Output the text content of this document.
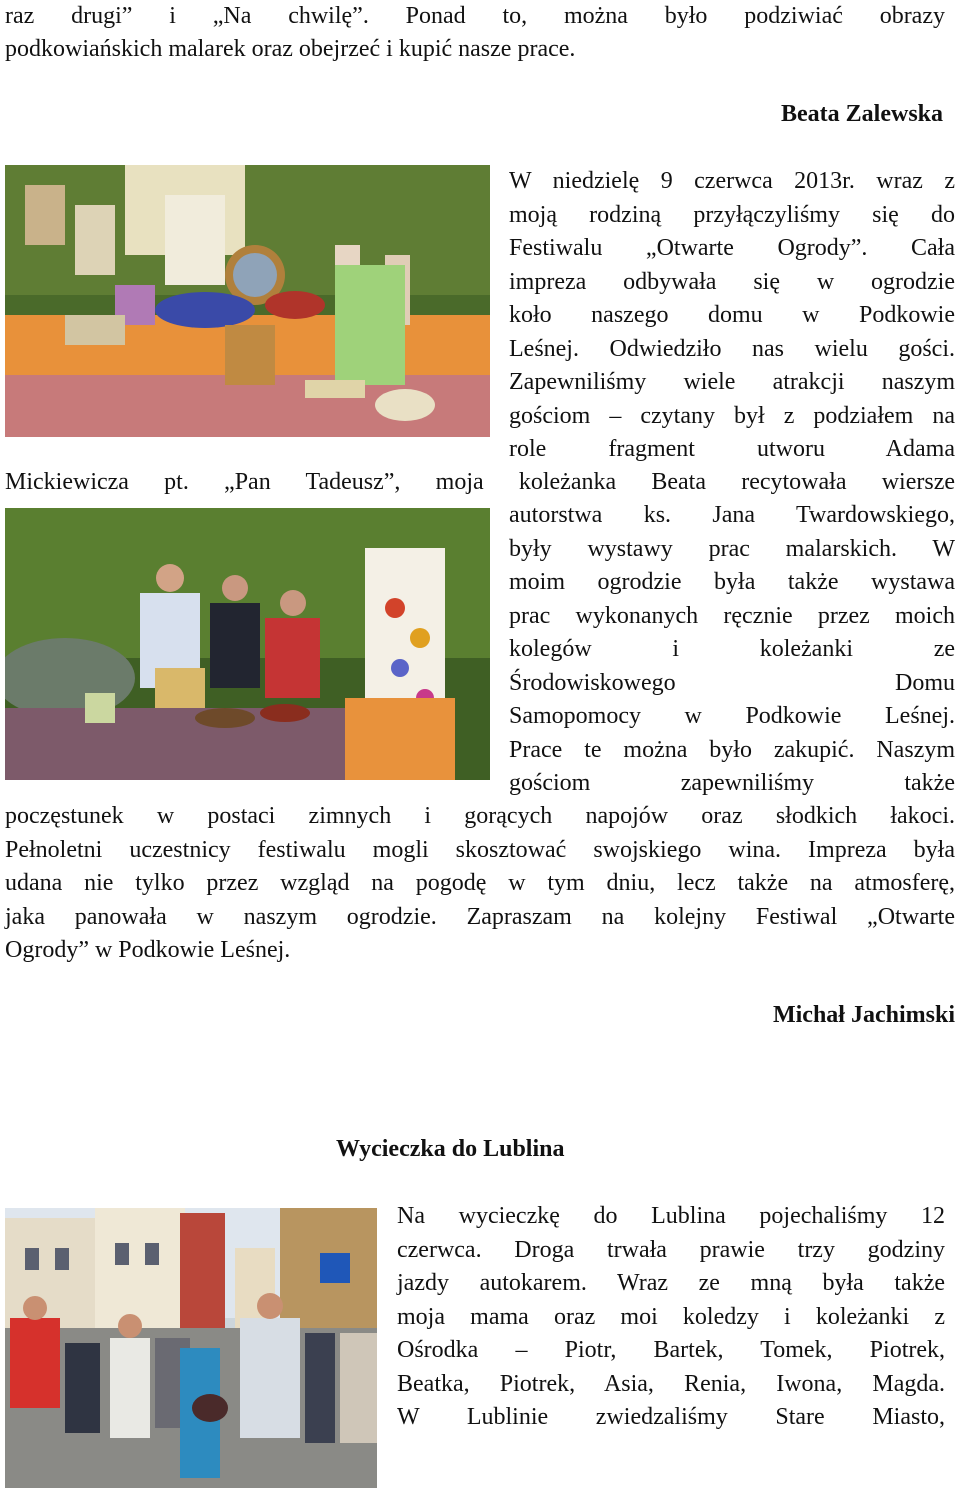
raz drugi” i „Na chwilę”. Ponad to, można było podziwiać obrazy
podkowiańskich malarek oraz obejrzeć i kupić nasze prace.
Beata Zalewska
W niedzielę 9 czerwca 2013r. wraz z
moją rodziną przyłączyliśmy się do
Festiwalu „Otwarte Ogrody”. Cała
impreza odbywała się w ogrodzie
koło naszego domu w Podkowie
Leśnej. Odwiedziło nas wielu gości.
Zapewniliśmy wiele atrakcji naszym
gościom – czytany był z podziałem na
role fragment utworu Adama
Mickiewicza pt. „Pan Tadeusz”, moja koleżanka Beata recytowała wiersze
autorstwa ks. Jana Twardowskiego,
były wystawy prac malarskich. W
moim ogrodzie była także wystawa
prac wykonanych ręcznie przez moich
kolegów i koleżanki ze
Środowiskowego Domu
Samopomocy w Podkowie Leśnej.
Prace te można było zakupić. Naszym
gościom zapewniliśmy także
poczęstunek w postaci zimnych i gorących napojów oraz słodkich łakoci.
Pełnoletni uczestnicy festiwalu mogli skosztować swojskiego wina. Impreza była
udana nie tylko przez wzgląd na pogodę w tym dniu, lecz także na atmosferę,
jaka panowała w naszym ogrodzie. Zapraszam na kolejny Festiwal „Otwarte
Ogrody” w Podkowie Leśnej.
Michał Jachimski
Wycieczka do Lublina
Na wycieczkę do Lublina pojechaliśmy 12
czerwca. Droga trwała prawie trzy godziny
jazdy autokarem. Wraz ze mną była także
moja mama oraz moi koledzy i koleżanki z
Ośrodka – Piotr, Bartek, Tomek, Piotrek,
Beatka, Piotrek, Asia, Renia, Iwona, Magda.
W Lublinie zwiedzaliśmy Stare Miasto,
